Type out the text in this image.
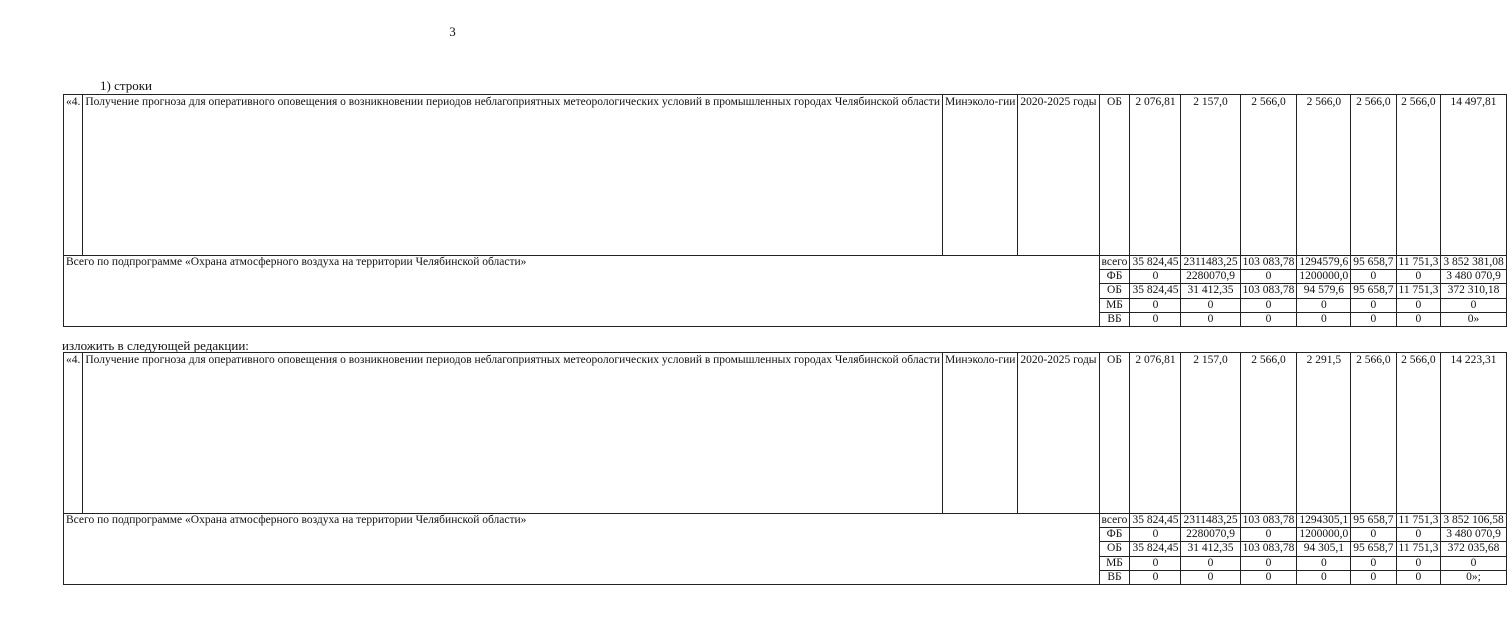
3
1) строки
«4.	Получение прогноза для оперативного оповещения о возникновении периодов неблагоприятных метеорологических условий в промышленных городах Челябинской области	Минэколо-гии	2020-2025 годы	ОБ	2 076,81	2 157,0	2 566,0	2 566,0	2 566,0	2 566,0	14 497,81
Всего по подпрограмме «Охрана атмосферного воздуха на территории Челябинской области»				всего	35 824,45	2311483,25	103 083,78	1294579,6	95 658,7	11 751,3	3 852 381,08
				ФБ	0	2280070,9	0	1200000,0	0	0	3 480 070,9
				ОБ	35 824,45	31 412,35	103 083,78	94 579,6	95 658,7	11 751,3	372 310,18
				МБ	0	0	0	0	0	0	0
				ВБ	0	0	0	0	0	0	0»
изложить в следующей редакции:
«4.	Получение прогноза для оперативного оповещения о возникновении периодов неблагоприятных метеорологических условий в промышленных городах Челябинской области	Минэколо-гии	2020-2025 годы	ОБ	2 076,81	2 157,0	2 566,0	2 291,5	2 566,0	2 566,0	14 223,31
Всего по подпрограмме «Охрана атмосферного воздуха на территории Челябинской области»				всего	35 824,45	2311483,25	103 083,78	1294305,1	95 658,7	11 751,3	3 852 106,58
				ФБ	0	2280070,9	0	1200000,0	0	0	3 480 070,9
				ОБ	35 824,45	31 412,35	103 083,78	94 305,1	95 658,7	11 751,3	372 035,68
				МБ	0	0	0	0	0	0	0
				ВБ	0	0	0	0	0	0	0»;
